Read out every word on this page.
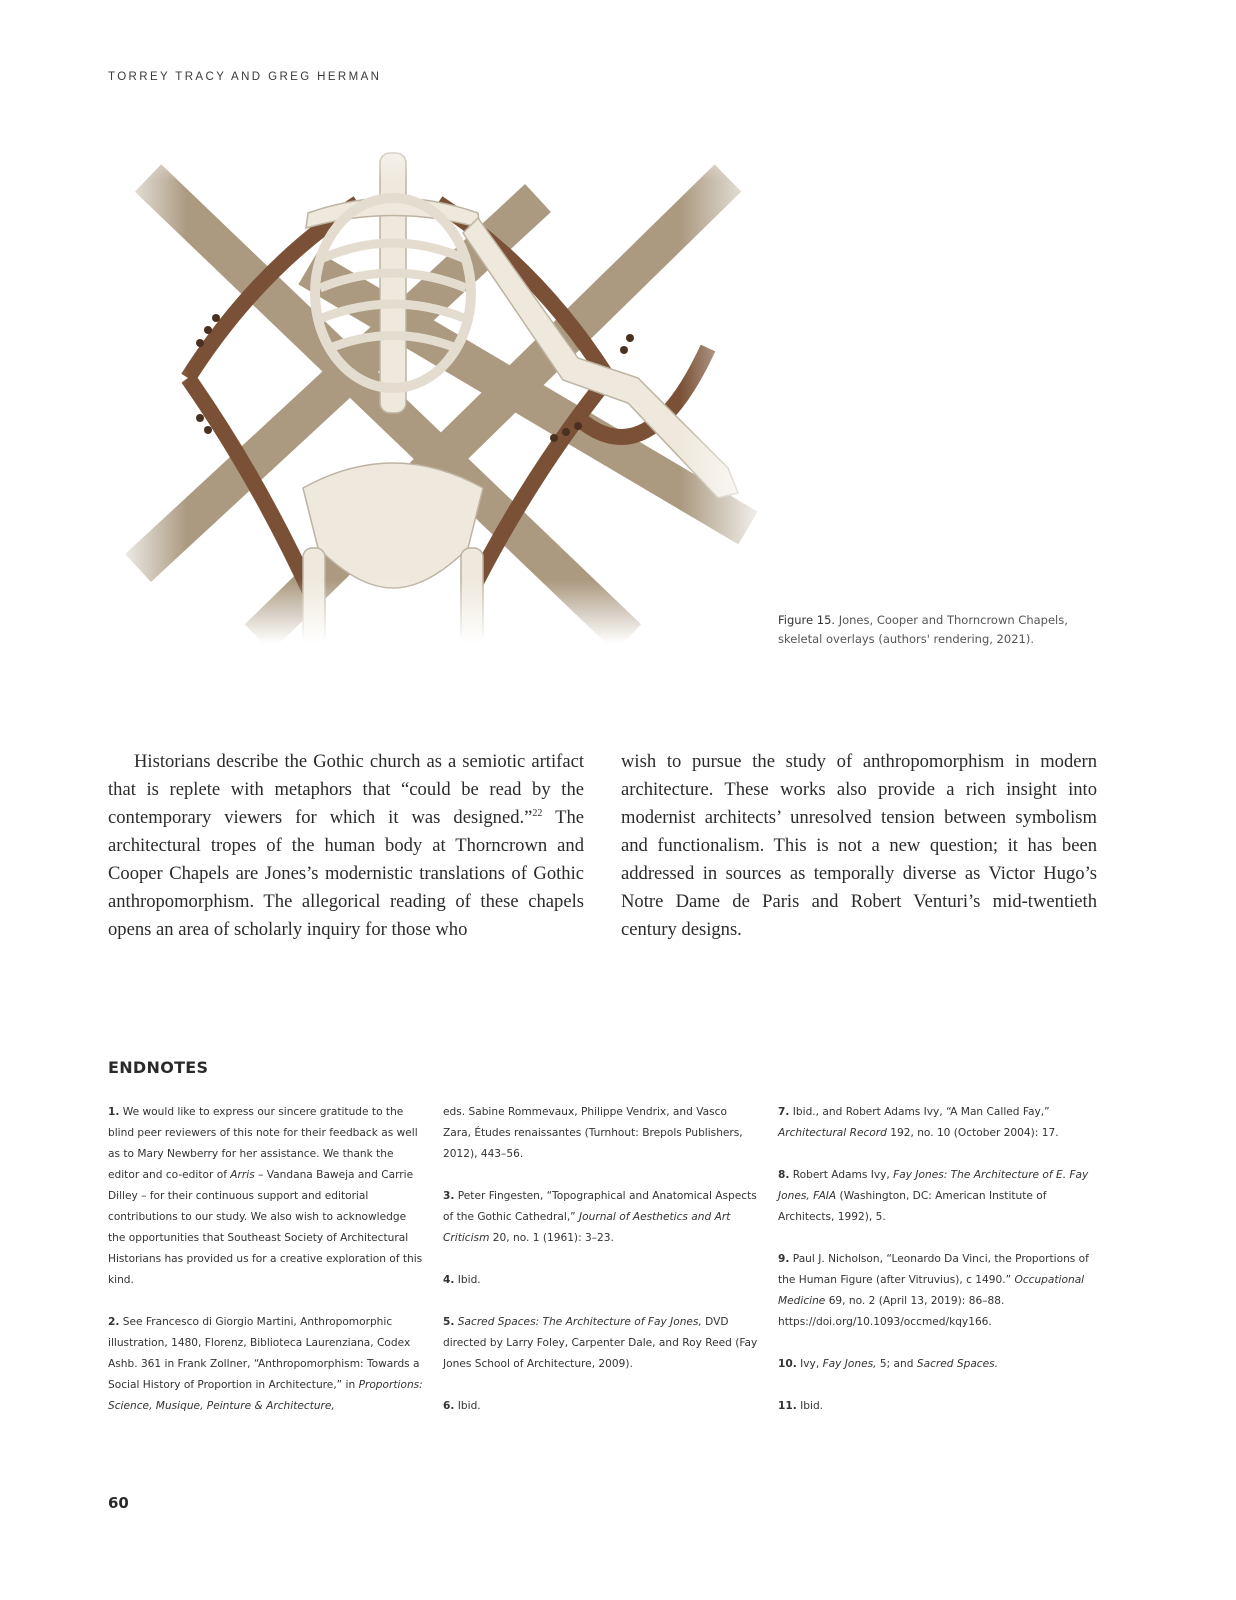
TORREY TRACY AND GREG HERMAN
Figure 15. Jones, Cooper and Thorncrown Chapels, skeletal overlays (authors' rendering, 2021).

Historians describe the Gothic church as a semiotic artifact that is replete with metaphors that “could be read by the contemporary viewers for which it was designed.”$^{22}$ The architectural tropes of the human body at Thorncrown and Cooper Chapels are Jones’s modernistic translations of Gothic anthropomorphism. The allegorical reading of these chapels opens an area of scholarly inquiry for those who

wish to pursue the study of anthropomorphism in modern architecture. These works also provide a rich insight into modernist architects’ unresolved tension between symbolism and functionalism. This is not a new question; it has been addressed in sources as temporally diverse as Victor Hugo’s Notre Dame de Paris and Robert Venturi’s mid-twentieth century designs.

ENDNOTES

1. We would like to express our sincere gratitude to the blind peer reviewers of this note for their feedback as well as to Mary Newberry for her assistance. We thank the editor and co-editor of Arris – Vandana Baweja and Carrie Dilley – for their continuous support and editorial contributions to our study. We also wish to acknowledge the opportunities that Southeast Society of Architectural Historians has provided us for a creative exploration of this kind.

2. See Francesco di Giorgio Martini, Anthropomorphic illustration, 1480, Florenz, Biblioteca Laurenziana, Codex Ashb. 361 in Frank Zollner, “Anthropomorphism: Towards a Social History of Proportion in Architecture,” in Proportions: Science, Musique, Peinture & Architecture,

eds. Sabine Rommevaux, Philippe Vendrix, and Vasco Zara, Études renaissantes (Turnhout: Brepols Publishers, 2012), 443–56.

3. Peter Fingesten, “Topographical and Anatomical Aspects of the Gothic Cathedral,” Journal of Aesthetics and Art Criticism 20, no. 1 (1961): 3–23.

4. Ibid.

5. Sacred Spaces: The Architecture of Fay Jones, DVD directed by Larry Foley, Carpenter Dale, and Roy Reed (Fay Jones School of Architecture, 2009).

6. Ibid.

7. Ibid., and Robert Adams Ivy, “A Man Called Fay,” Architectural Record 192, no. 10 (October 2004): 17.

8. Robert Adams Ivy, Fay Jones: The Architecture of E. Fay Jones, FAIA (Washington, DC: American Institute of Architects, 1992), 5.

9. Paul J. Nicholson, “Leonardo Da Vinci, the Proportions of the Human Figure (after Vitruvius), c 1490.” Occupational Medicine 69, no. 2 (April 13, 2019): 86–88. https://doi.org/10.1093/occmed/kqy166.

10. Ivy, Fay Jones, 5; and Sacred Spaces.

11. Ibid.

60
